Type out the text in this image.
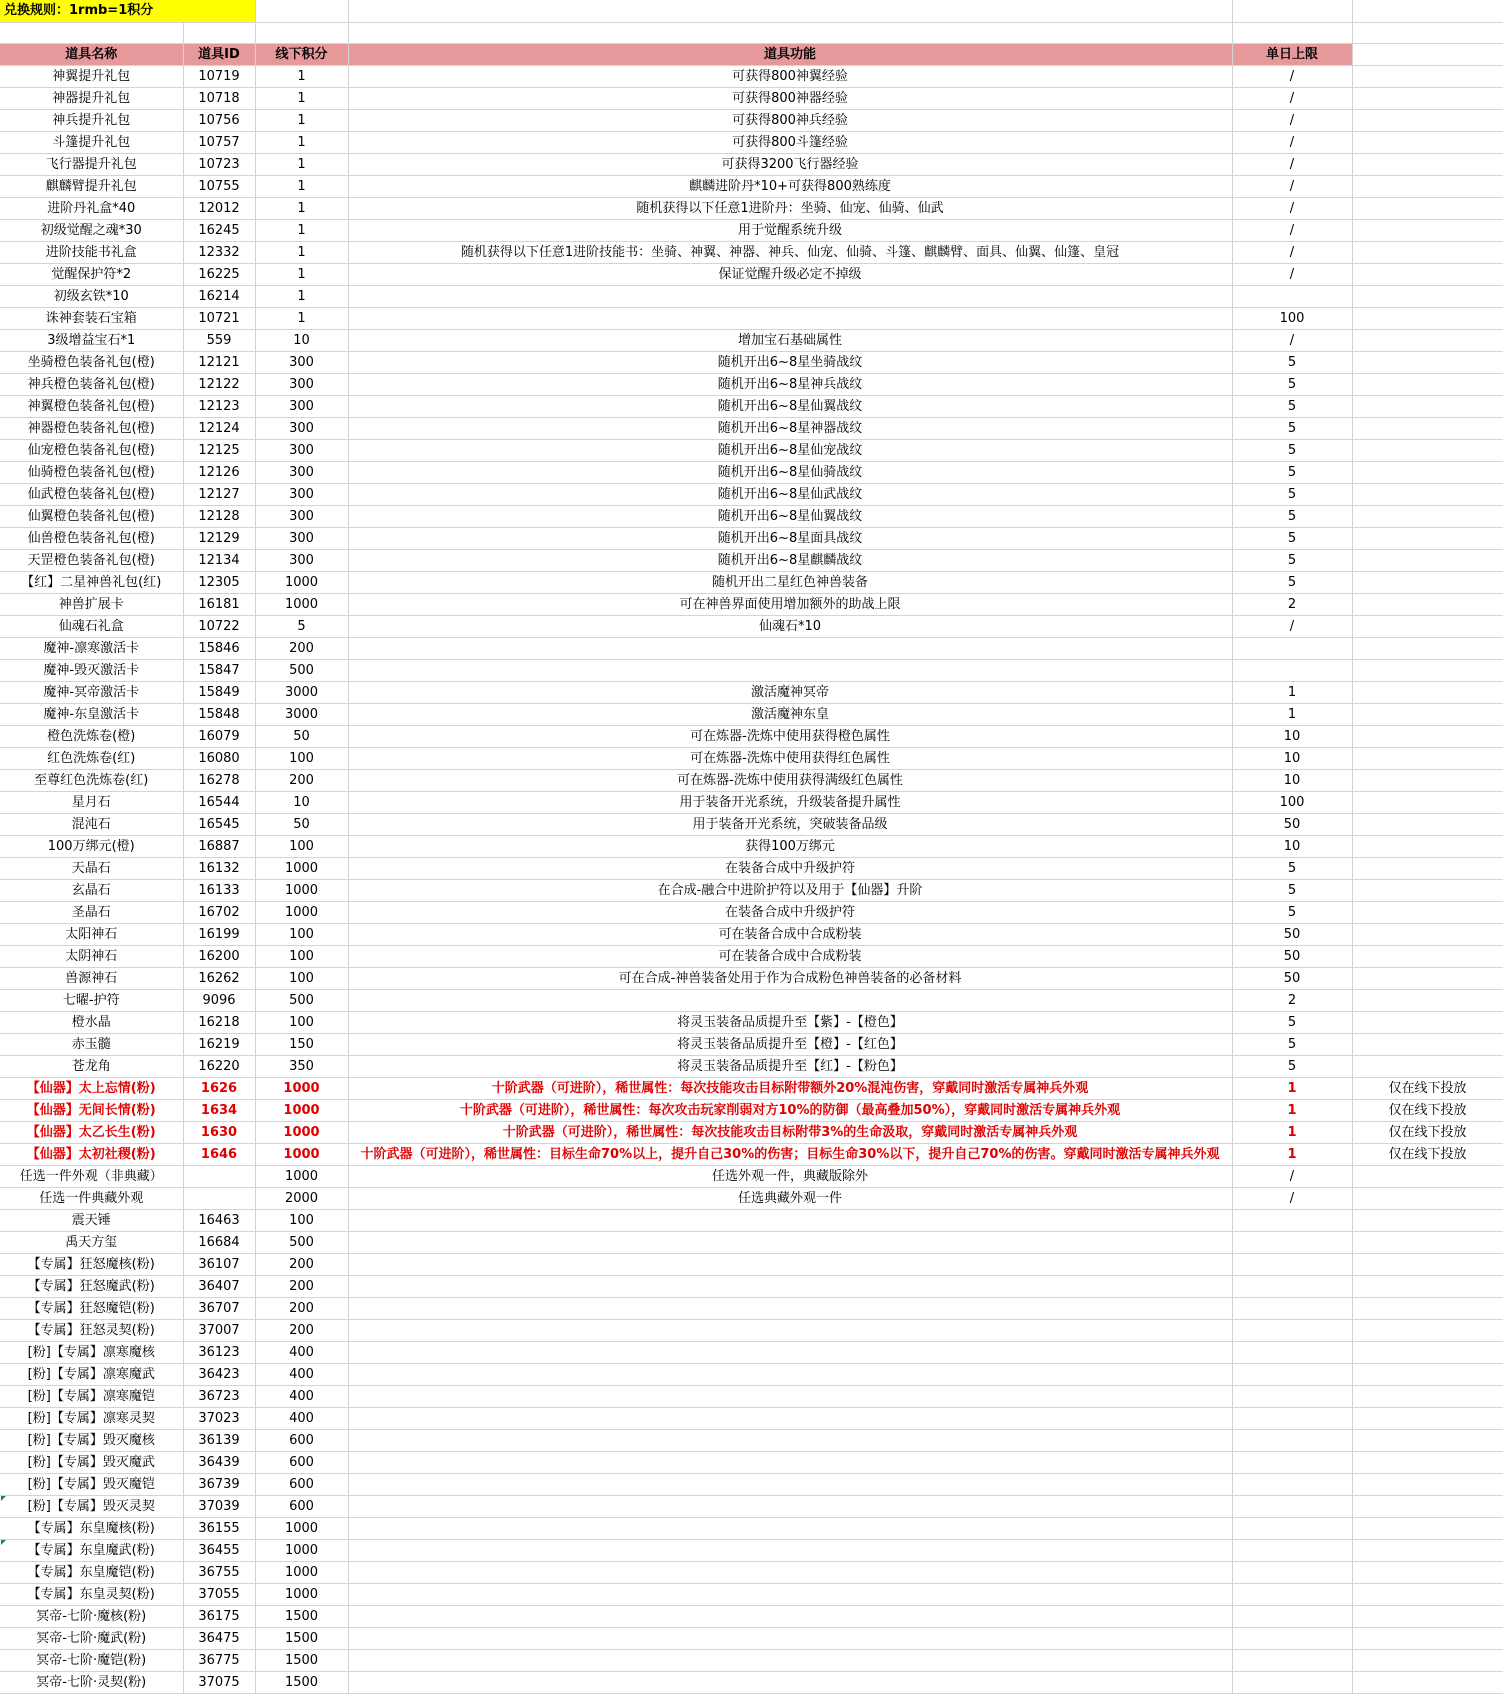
兑换规则：1rmb=1积分					

道具名称	道具ID	线下积分	道具功能	单日上限	
神翼提升礼包	10719	1	可获得800神翼经验	/	
神器提升礼包	10718	1	可获得800神器经验	/	
神兵提升礼包	10756	1	可获得800神兵经验	/	
斗篷提升礼包	10757	1	可获得800斗篷经验	/	
飞行器提升礼包	10723	1	可获得3200飞行器经验	/	
麒麟臂提升礼包	10755	1	麒麟进阶丹*10+可获得800熟练度	/	
进阶丹礼盒*40	12012	1	随机获得以下任意1进阶丹：坐骑、仙宠、仙骑、仙武	/	
初级觉醒之魂*30	16245	1	用于觉醒系统升级	/	
进阶技能书礼盒	12332	1	随机获得以下任意1进阶技能书：坐骑、神翼、神器、神兵、仙宠、仙骑、斗篷、麒麟臂、面具、仙翼、仙篷、皇冠	/	
觉醒保护符*2	16225	1	保证觉醒升级必定不掉级	/	
初级玄铁*10	16214	1			
诛神套装石宝箱	10721	1		100	
3级增益宝石*1	559	10	增加宝石基础属性	/	
坐骑橙色装备礼包(橙)	12121	300	随机开出6~8星坐骑战纹	5	
神兵橙色装备礼包(橙)	12122	300	随机开出6~8星神兵战纹	5	
神翼橙色装备礼包(橙)	12123	300	随机开出6~8星仙翼战纹	5	
神器橙色装备礼包(橙)	12124	300	随机开出6~8星神器战纹	5	
仙宠橙色装备礼包(橙)	12125	300	随机开出6~8星仙宠战纹	5	
仙骑橙色装备礼包(橙)	12126	300	随机开出6~8星仙骑战纹	5	
仙武橙色装备礼包(橙)	12127	300	随机开出6~8星仙武战纹	5	
仙翼橙色装备礼包(橙)	12128	300	随机开出6~8星仙翼战纹	5	
仙兽橙色装备礼包(橙)	12129	300	随机开出6~8星面具战纹	5	
天罡橙色装备礼包(橙)	12134	300	随机开出6~8星麒麟战纹	5	
【红】二星神兽礼包(红)	12305	1000	随机开出二星红色神兽装备	5	
神兽扩展卡	16181	1000	可在神兽界面使用增加额外的助战上限	2	
仙魂石礼盒	10722	5	仙魂石*10	/	
魔神-凛寒激活卡	15846	200			
魔神-毁灭激活卡	15847	500			
魔神-冥帝激活卡	15849	3000	激活魔神冥帝	1	
魔神-东皇激活卡	15848	3000	激活魔神东皇	1	
橙色洗炼卷(橙)	16079	50	可在炼器-洗炼中使用获得橙色属性	10	
红色洗炼卷(红)	16080	100	可在炼器-洗炼中使用获得红色属性	10	
至尊红色洗炼卷(红)	16278	200	可在炼器-洗炼中使用获得满级红色属性	10	
星月石	16544	10	用于装备开光系统，升级装备提升属性	100	
混沌石	16545	50	用于装备开光系统，突破装备品级	50	
100万绑元(橙)	16887	100	获得100万绑元	10	
天晶石	16132	1000	在装备合成中升级护符	5	
玄晶石	16133	1000	在合成-融合中进阶护符以及用于【仙器】升阶	5	
圣晶石	16702	1000	在装备合成中升级护符	5	
太阳神石	16199	100	可在装备合成中合成粉装	50	
太阴神石	16200	100	可在装备合成中合成粉装	50	
兽源神石	16262	100	可在合成-神兽装备处用于作为合成粉色神兽装备的必备材料	50	
七曜-护符	9096	500		2	
橙水晶	16218	100	将灵玉装备品质提升至【紫】-【橙色】	5	
赤玉髓	16219	150	将灵玉装备品质提升至【橙】-【红色】	5	
苍龙角	16220	350	将灵玉装备品质提升至【红】-【粉色】	5	
【仙器】太上忘情(粉)	1626	1000	十阶武器（可进阶），稀世属性：每次技能攻击目标附带额外20%混沌伤害，穿戴同时激活专属神兵外观	1	仅在线下投放
【仙器】无间长情(粉)	1634	1000	十阶武器（可进阶），稀世属性：每次攻击玩家削弱对方10%的防御（最高叠加50%），穿戴同时激活专属神兵外观	1	仅在线下投放
【仙器】太乙长生(粉)	1630	1000	十阶武器（可进阶），稀世属性：每次技能攻击目标附带3%的生命汲取，穿戴同时激活专属神兵外观	1	仅在线下投放
【仙器】太初社稷(粉)	1646	1000	十阶武器（可进阶），稀世属性：目标生命70%以上，提升自己30%的伤害；目标生命30%以下，提升自己70%的伤害。穿戴同时激活专属神兵外观	1	仅在线下投放
任选一件外观（非典藏）		1000	任选外观一件，典藏版除外	/	
任选一件典藏外观		2000	任选典藏外观一件	/	
震天锤	16463	100			
禹天方玺	16684	500			
【专属】狂怒魔核(粉)	36107	200			
【专属】狂怒魔武(粉)	36407	200			
【专属】狂怒魔铠(粉)	36707	200			
【专属】狂怒灵契(粉)	37007	200			
[粉]【专属】凛寒魔核	36123	400			
[粉]【专属】凛寒魔武	36423	400			
[粉]【专属】凛寒魔铠	36723	400			
[粉]【专属】凛寒灵契	37023	400			
[粉]【专属】毁灭魔核	36139	600			
[粉]【专属】毁灭魔武	36439	600			
[粉]【专属】毁灭魔铠	36739	600			
[粉]【专属】毁灭灵契	37039	600			
【专属】东皇魔核(粉)	36155	1000			
【专属】东皇魔武(粉)	36455	1000			
【专属】东皇魔铠(粉)	36755	1000			
【专属】东皇灵契(粉)	37055	1000			
冥帝-七阶·魔核(粉)	36175	1500			
冥帝-七阶·魔武(粉)	36475	1500			
冥帝-七阶·魔铠(粉)	36775	1500			
冥帝-七阶·灵契(粉)	37075	1500			
